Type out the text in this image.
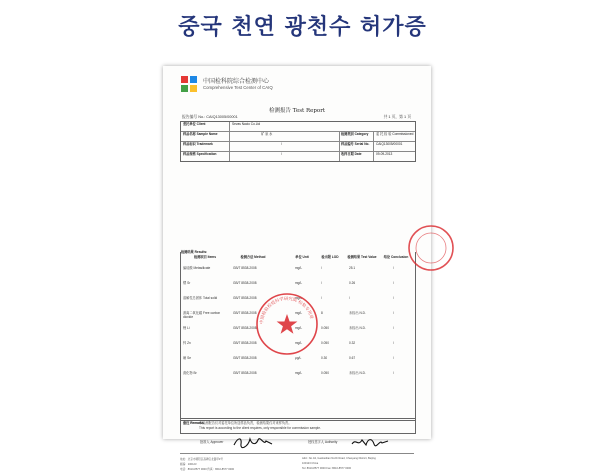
중국 천연 광천수 허가증
中国检科院综合检测中心
Comprehensive Test Center of CAIQ
检测报告 Test Report
报告编号 No.: CAIQ13005/00001	共 1 页，第 1 页
委托单位 Client	Sevas Nacio Co.Ltd
样品名称 Sample Name	矿 泉 水	检测类别 Category	委 托 检 验 Commissioned
样品标识 Trademark	/	样品编号 Serial No.	CAIQ13005/00001
样品规格 Specification	/	收样日期 Date	09-09-2013
检测结果 Results:
检测项目 Items	检测方法 Method	单位 Unit	检出限 LOD	检测结果 Test Value	结论 Conclusion
偏硅酸 Metasilicate	GB/T 8538-2008	mg/L	/	25.1	/
锶 Sr	GB/T 8538-2008	mg/L	/	0.26	/
溶解性总固体 Total solid	GB/T 8538-2008	mg/L	/	/	/
游离二氧化碳 Free carbon dioxide
GB/T 8538-2008	mg/L	8	未检出 N.D.	/
锂 Li	GB/T 8538-2008	mg/L	0.050	未检出 N.D.	/
锌 Zn	GB/T 8538-2008	mg/L	0.050	0.32	/
硒 Se	GB/T 8538-2008	μg/L	0.30	0.67	/
溴化物 Br	GB/T 8538-2008	mg/L	0.050	未检出 N.D.	/
中国检验检疫科学研究院 检验专用章
备注 Remarks
本检测报告仅对委托单位所送样品负责，检测结果仅对来样负责。
This report is according to the client requires, only responsible for commission sample.
批准人 Approver	授权签字人 Authority
地址：北京市朝阳区高碑店北路甲3号
邮编：100123
电话：8610-8577 0000 传真：8610-8577 0000
Add.: No.A3, Gaobeidian North Road, Chaoyang District, Beijing
100123 China
Tel: 8610-8577 0000 Fax: 8610-8577 0000
